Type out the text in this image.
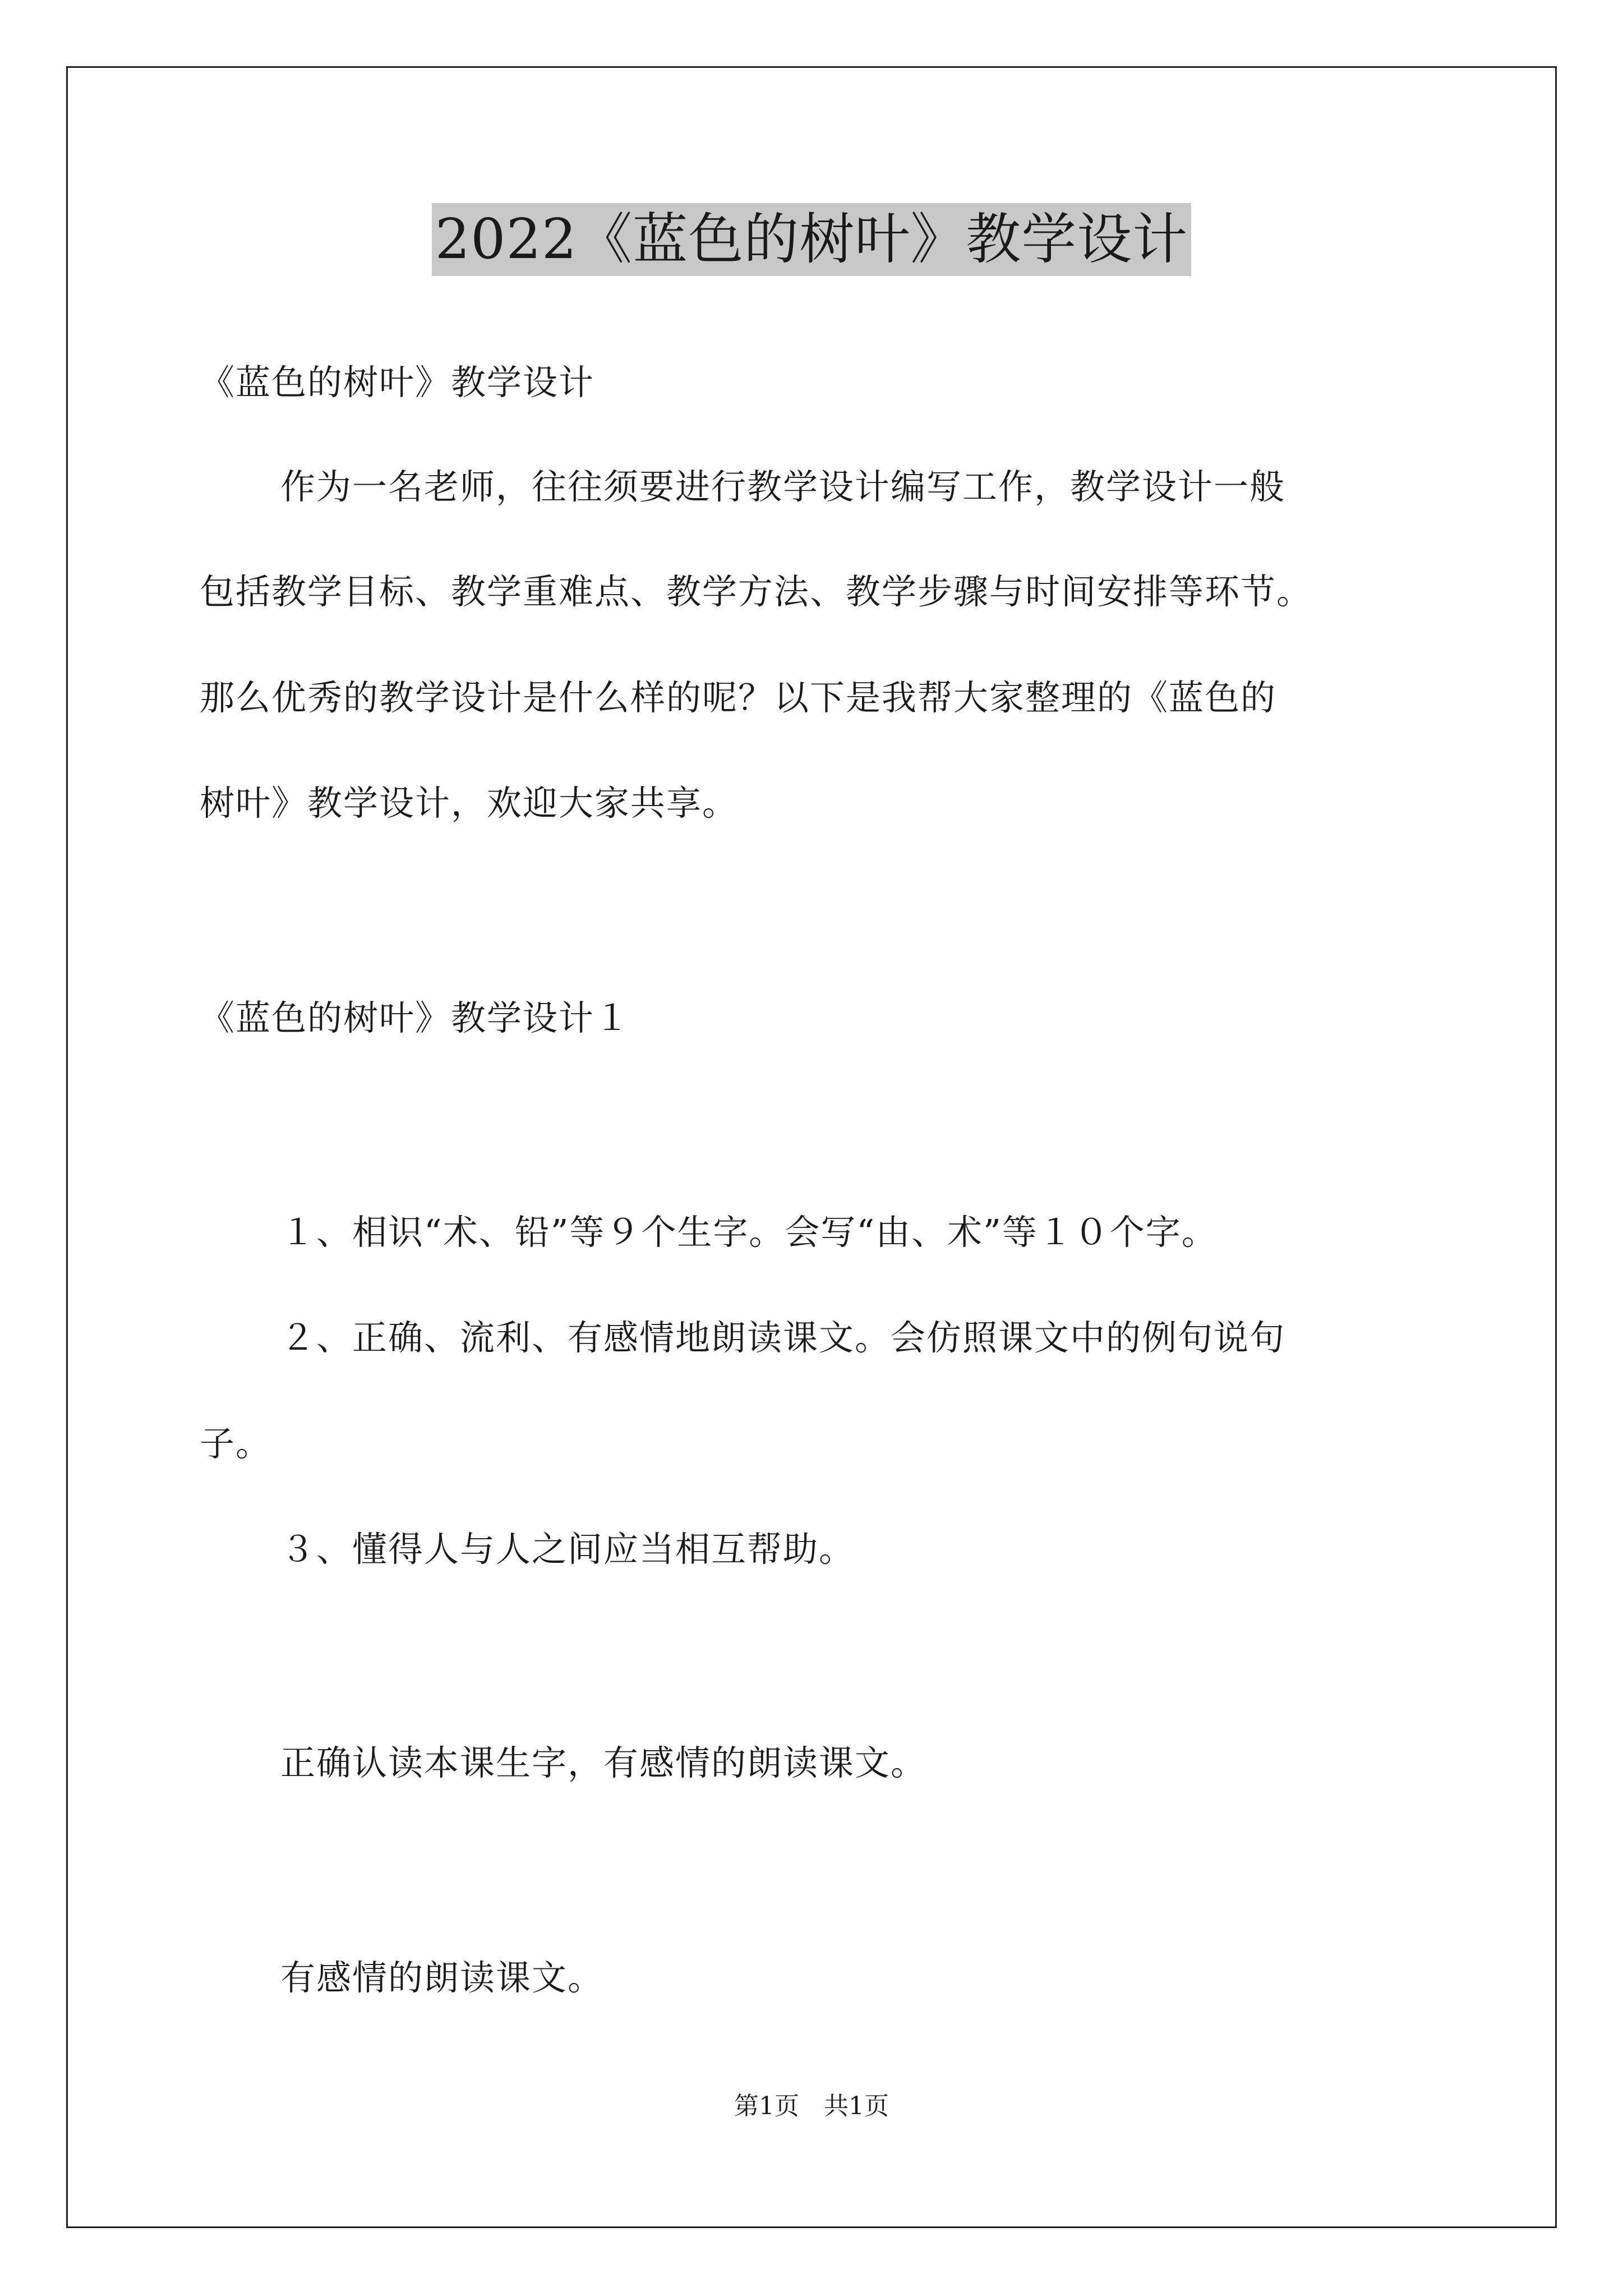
2022《蓝色的树叶》教学设计

《蓝色的树叶》教学设计

作为一名老师，往往须要进行教学设计编写工作，教学设计一般

包括教学目标、教学重难点、教学方法、教学步骤与时间安排等环节。

那么优秀的教学设计是什么样的呢？以下是我帮大家整理的《蓝色的

树叶》教学设计，欢迎大家共享。

《蓝色的树叶》教学设计１

１、相识“术、铅”等９个生字。会写“由、术”等１０个字。

２、正确、流利、有感情地朗读课文。会仿照课文中的例句说句

子。

３、懂得人与人之间应当相互帮助。

正确认读本课生字，有感情的朗读课文。

有感情的朗读课文。

第1页　共1页
